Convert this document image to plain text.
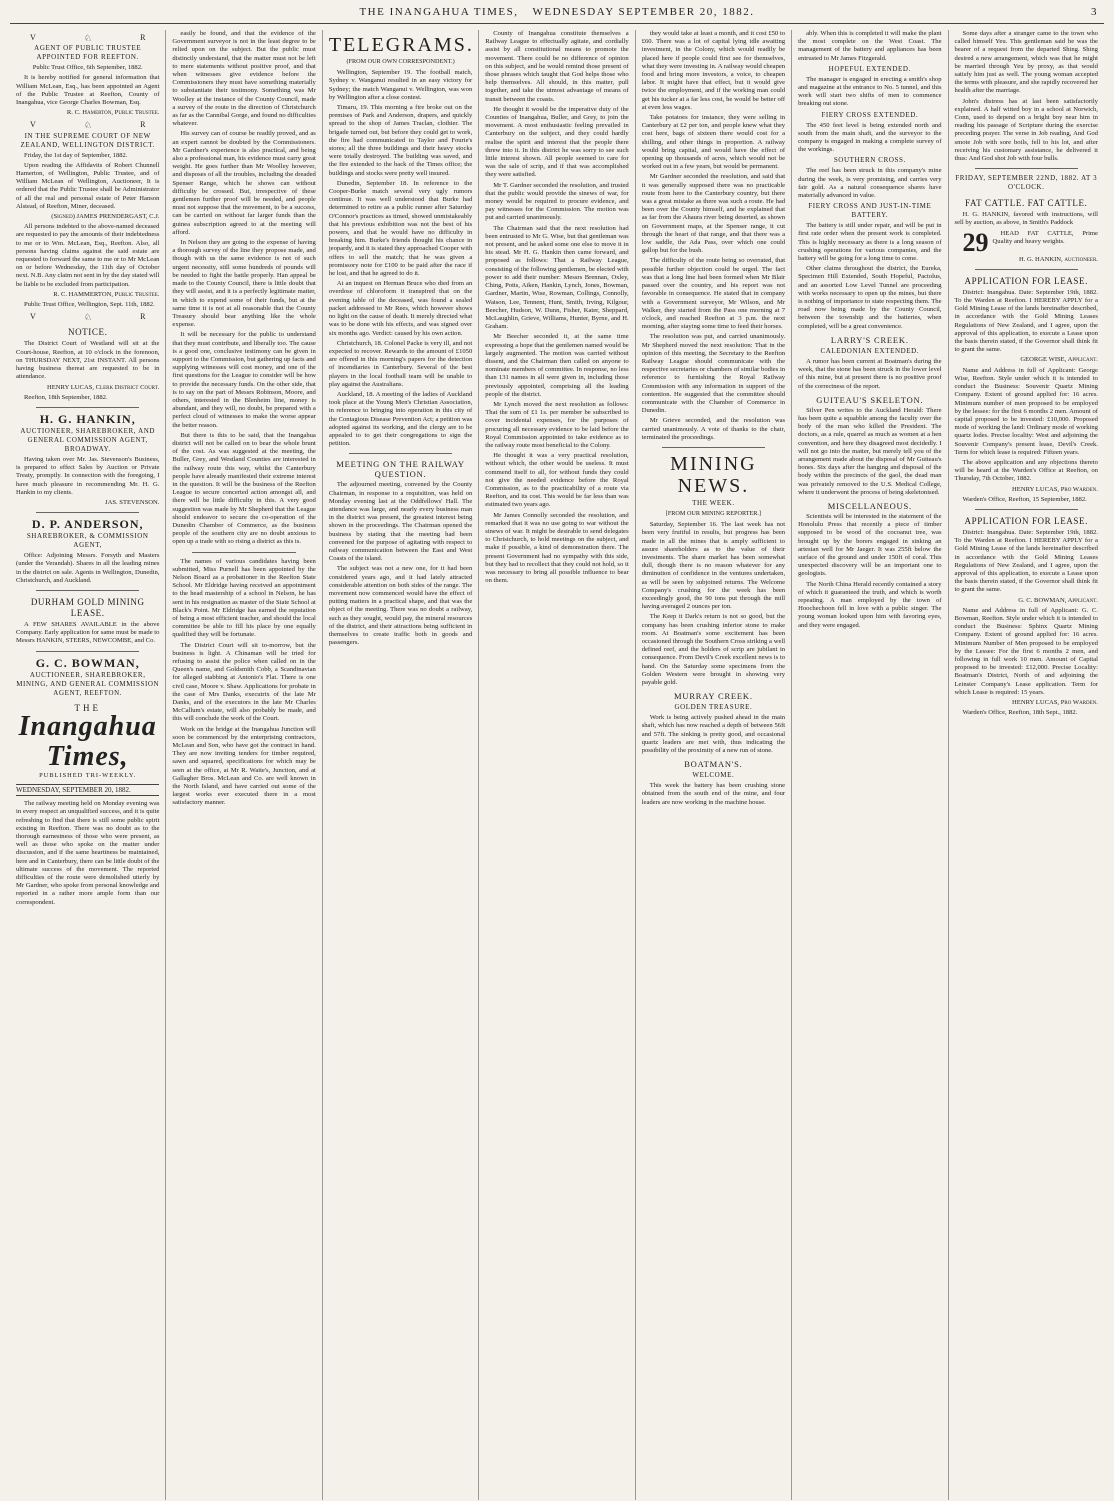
THE INANGAHUA TIMES, WEDNESDAY SEPTEMBER 20, 1882.	3
V	♘	R
AGENT OF PUBLIC TRUSTEE APPOINTED FOR REEFTON.

Public Trust Office, 6th September, 1882.

It is hereby notified for general information that William McLean, Esq., has been appointed an Agent of the Public Trustee at Reefton, County of Inangahua, vice George Charles Bowman, Esq.

R. C. Hamerton, Public Trustee.

V	♘	R
IN THE SUPREME COURT OF NEW ZEALAND, WELLINGTON DISTRICT.

Friday, the 1st day of September, 1882.

Upon reading the Affidavits of Robert Chunnell Hamerton, of Wellington, Public Trustee, and of William McLean of Wellington, Auctioneer, It is ordered that the Public Trustee shall be Administrator of all the real and personal estate of Peter Hanson Alstead, of Reefton, Miner, deceased.

(Signed) JAMES PRENDERGAST, C.J.

All persons indebted to the above-named deceased are requested to pay the amounts of their indebtedness to me or to Wm. McLean, Esq., Reefton. Also, all persons having claims against the said estate are requested to forward the same to me or to Mr McLean on or before Wednesday, the 11th day of October next. N.B. Any claim not sent in by the day stated will be liable to be excluded from participation.

R. C. HAMMERTON, Public Trustee.

Public Trust Office, Wellington, Sept. 11th, 1882.

V	♘	R
NOTICE.

The District Court of Westland will sit at the Court-house, Reefton, at 10 o'clock in the forenoon, on THURSDAY NEXT, 21st INSTANT. All persons having business thereat are requested to be in attendance.

HENRY LUCAS, Clerk District Court.

Reefton, 18th September, 1882.

H. G. HANKIN,
AUCTIONEER, SHAREBROKER, AND GENERAL COMMISSION AGENT, BROADWAY.

Having taken over Mr. Jas. Stevenson's Business, is prepared to effect Sales by Auction or Private Treaty, promptly. In connection with the foregoing, I have much pleasure in recommending Mr. H. G. Hankin to my clients.

JAS. STEVENSON.

D. P. ANDERSON,
SHAREBROKER, & COMMISSION AGENT,

Office: Adjoining Messrs. Forsyth and Masters (under the Verandah). Shares in all the leading mines in the district on sale. Agents in Wellington, Dunedin, Christchurch, and Auckland.

DURHAM GOLD MINING LEASE.

A FEW SHARES AVAILABLE in the above Company. Early application for same must be made to Messrs HANKIN, STEERS, NEWCOMBE, and Co.

G. C. BOWMAN,
AUCTIONEER, SHAREBROKER, MINING, AND GENERAL COMMISSION AGENT, REEFTON.
THE
Inangahua Times,
PUBLISHED TRI-WEEKLY.
WEDNESDAY, SEPTEMBER 20, 1882.

The railway meeting held on Monday evening was in every respect an unqualified success, and it is quite refreshing to find that there is still some public spirit existing in Reefton. There was no doubt as to the thorough earnestness of those who were present, as well as those who spoke on the matter under discussion, and if the same heartiness be maintained, here and in Canterbury, there can be little doubt of the ultimate success of the movement. The reported difficulties of the route were demolished utterly by Mr Gardner, who spoke from personal knowledge and reported in a rather more ample form than our correspondent.

easily be found, and that the evidence of the Government surveyor is not in the least degree to be relied upon on the subject. But the public must distinctly understand, that the matter must not be left to mere statements without positive proof, and that when witnesses give evidence before the Commissioners they must have something materially to substantiate their testimony. Something was Mr Woolley at the instance of the County Council, made a survey of the route in the direction of Christchurch as far as the Cannibal Gorge, and found no difficulties whatever.

His survey can of course be readily proved, and as an expert cannot be doubted by the Commissioners. Mr Gardner's experience is also practical, and being also a professional man, his evidence must carry great weight. He goes further than Mr Woolley however, and disposes of all the troubles, including the dreaded Spenser Range, which he shows can without difficulty be crossed. But, irrespective of these gentlemen further proof will be needed, and people must not suppose that the movement, to be a success, can be carried on without far larger funds than the guinea subscription agreed to at the meeting will afford.

In Nelson they are going to the expense of having a thorough survey of the line they propose made, and though with us the same evidence is not of such urgent necessity, still some hundreds of pounds will be needed to fight the battle properly. Han appeal be made to the County Council, there is little doubt that they will assist, and it is a perfectly legitimate matter, in which to expend some of their funds, but at the same time it is not at all reasonable that the County Treasury should bear anything like the whole expense.

It will be necessary for the public to understand that they must contribute, and liberally too. The cause is a good one, conclusive testimony can be given in support to the Commission, but gathering up facts and supplying witnesses will cost money, and one of the first questions for the League to consider will be how to provide the necessary funds. On the other side, that is to say on the part of Messrs Robinson, Moore, and others, interested in the Blenheim line, money is abundant, and they will, no doubt, be prepared with a perfect cloud of witnesses to make the worse appear the better reason.

But there is this to be said, that the Inangahua district will not be called on to bear the whole brunt of the cost. As was suggested at the meeting, the Buller, Grey, and Westland Counties are interested in the railway route this way, whilst the Canterbury people have already manifested their extreme interest in the question. It will be the business of the Reefton League to secure concerted action amongst all, and there will be little difficulty in this. A very good suggestion was made by Mr Shepherd that the League should endeavor to secure the co-operation of the Dunedin Chamber of Commerce, as the business people of the southern city are no doubt anxious to open up a trade with so rising a district as this is.

The names of various candidates having been submitted, Miss Purnell has been appointed by the Nelson Board as a probationer in the Reefton State School. Mr Eldridge having received an appointment to the head mastership of a school in Nelson, he has sent in his resignation as master of the State School at Black's Point. Mr Eldridge has earned the reputation of being a most efficient teacher, and should the local committee be able to fill his place by one equally qualified they will be fortunate.

The District Court will sit to-morrow, but the business is light. A Chinaman will be tried for refusing to assist the police when called on in the Queen's name, and Goldsmith Cobb, a Scandinavian for alleged stabbing at Antonio's Flat. There is one civil case, Moore v. Shaw. Applications for probate in the case of Mrs Danks, executrix of the late Mr Danks, and of the executors in the late Mr Charles McCallum's estate, will also probably be made, and this will conclude the work of the Court.

Work on the bridge at the Inangahua Junction will soon be commenced by the enterprising contractors, McLean and Son, who have got the contract in hand. They are now inviting tenders for timber required, sawn and squared, specifications for which may be seen at the office, at Mr R. Waite's, Junction, and at Gallagher Bros. McLean and Co. are well known in the North Island, and have carried out some of the largest works ever executed there in a most satisfactory manner.

TELEGRAMS.
(FROM OUR OWN CORRESPONDENT.)

Wellington, September 19. The football match, Sydney v. Wanganui resulted in an easy victory for Sydney; the match Wanganui v. Wellington, was won by Wellington after a close contest.

Timaru, 19. This morning a fire broke out on the premises of Park and Anderson, drapers, and quickly spread to the shop of James Traclan, clothier. The brigade turned out, but before they could get to work, the fire had communicated to Taylor and Fourie's stores; all the three buildings and their heavy stocks were totally destroyed. The building was saved, and the fire extended to the back of the Times office; the buildings and stocks were pretty well insured.

Dunedin, September 18. In reference to the Cooper-Burke match several very ugly rumors continue. It was well understood that Burke had determined to retire as a public runner after Saturday O'Connor's practices as timed, showed unmistakeably that his previous exhibition was not the best of his powers, and that he would have no difficulty in breaking him. Burke's friends thought his chance in jeopardy, and it is stated they approached Cooper with offers to sell the match; that he was given a promissory note for £100 to be paid after the race if he lost, and that he agreed to do it.

At an inquest on Herman Bruce who died from an overdose of chloroform it transpired that on the evening table of the deceased, was found a sealed packet addressed to Mr Rees, which however shows no light on the cause of death. It merely directed what was to be done with his effects, and was signed over six months ago. Verdict: caused by his own action.

Christchurch, 18. Colonel Packe is very ill, and not expected to recover. Rewards to the amount of £1050 are offered in this morning's papers for the detection of incendiaries in Canterbury. Several of the best players in the local football team will be unable to play against the Australians.

Auckland, 18. A meeting of the ladies of Auckland took place at the Young Men's Christian Association, in reference to bringing into operation in this city of the Contagious Disease Prevention Act; a petition was adopted against its working, and the clergy are to be appealed to to get their congregations to sign the petition.

MEETING ON THE RAILWAY QUESTION.

The adjourned meeting, convened by the County Chairman, in response to a requisition, was held on Monday evening last at the Oddfellows' Hall. The attendance was large, and nearly every business man in the district was present, the greatest interest being shown in the proceedings. The Chairman opened the business by stating that the meeting had been convened for the purpose of agitating with respect to railway communication between the East and West Coasts of the island.

The subject was not a new one, for it had been considered years ago, and it had lately attracted considerable attention on both sides of the range. The movement now commenced would have the effect of putting matters in a practical shape, and that was the object of the meeting. There was no doubt a railway, such as they sought, would pay, the mineral resources of the district, and their attractions being sufficient in themselves to create traffic both in goods and passengers.

County of Inangahua constitute themselves a Railway League to effectually agitate, and cordially assist by all constitutional means to promote the movement. There could be no difference of opinion on this subject, and he would remind those present of those phrases which taught that God helps those who help themselves. All should, in this matter, pull together, and take the utmost advantage of means of transit between the coasts.

He thought it would be the imperative duty of the Counties of Inangahua, Buller, and Grey, to join the movement. A most enthusiastic feeling prevailed in Canterbury on the subject, and they could hardly realise the spirit and interest that the people there threw into it. In this district he was sorry to see such little interest shown. All people seemed to care for was the sale of scrip, and if that was accomplished they were satisfied.

Mr T. Gardner seconded the resolution, and trusted that the public would provide the sinews of war, for money would be required to procure evidence, and pay witnesses for the Commission. The motion was put and carried unanimously.

The Chairman said that the next resolution had been entrusted to Mr G. Wise, but that gentleman was not present, and he asked some one else to move it in his stead. Mr H. G. Hankin then came forward, and proposed as follows: That a Railway League, consisting of the following gentlemen, be elected with power to add their number: Messrs Brennan, Oxley, Ching, Potts, Aiken, Hankin, Lynch, Jones, Bowman, Gardner, Martin, Wise, Rowman, Collings, Connolly, Watson, Lee, Tennent, Hunt, Smith, Irving, Kilgour, Beecher, Hudson, W. Dunn, Fisher, Kater, Sheppard, McLaughlin, Grieve, Williams, Hunter, Byrne, and H. Graham.

Mr Beecher seconded it, at the same time expressing a hope that the gentlemen named would be largely augmented. The motion was carried without dissent, and the Chairman then called on anyone to nominate members of committee. In response, no less than 131 names in all were given in, including those previously appointed, comprising all the leading people of the district.

Mr Lynch moved the next resolution as follows: That the sum of £1 1s. per member be subscribed to cover incidental expenses, for the purposes of procuring all necessary evidence to be laid before the Royal Commission appointed to take evidence as to the railway route most beneficial to the Colony.

He thought it was a very practical resolution, without which, the other would be useless. It must commend itself to all, for without funds they could not give the needed evidence before the Royal Commission, as to the practicability of a route via Reefton, and its cost. This would be far less than was estimated two years ago.

Mr James Connolly seconded the resolution, and remarked that it was no use going to war without the sinews of war. It might be desirable to send delegates to Christchurch, to hold meetings on the subject, and make if possible, a kind of demonstration there. The present Government had no sympathy with this side, but they had to recollect that they could not hold, so it was necessary to bring all possible influence to bear on them.

they would take at least a month, and it cost £50 to £60. There was a lot of capital lying idle awaiting investment, in the Colony, which would readily be placed here if people could first see for themselves, what they were investing in. A railway would cheapen food and bring more investors, a voice, to cheapen labor. It might have that effect, but it would give twice the employment, and if the working man could get his tucker at a far less cost, he would be better off at even less wages.

Take potatoes for instance, they were selling in Canterbury at £2 per ton, and people knew what they cost here, bags of sixteen there would cost for a shilling, and other things in proportion. A railway would bring capital, and would have the effect of opening up thousands of acres, which would not be worked out in a few years, but would be permanent.

Mr Gardner seconded the resolution, and said that it was generally supposed there was no practicable route from here to the Canterbury country, but there was a great mistake as there was such a route. He had been over the County himself, and he explained that as far from the Ahaura river being deserted, as shown on Government maps, at the Spenser range, it cut through the heart of that range, and that there was a low saddle, the Ada Pass, over which one could gallop but for the bush.

The difficulty of the route being so overrated, that possible further objection could be urged. The fact was that a long line had been formed when Mr Blair passed over the country, and his report was not favorable in consequence. He stated that in company with a Government surveyor, Mr Wilson, and Mr Walker, they started from the Pass one morning at 7 o'clock, and reached Reefton at 3 p.m. the next morning, after staying some time to feed their horses.

The resolution was put, and carried unanimously. Mr Shepherd moved the next resolution: That in the opinion of this meeting, the Secretary to the Reefton Railway League should communicate with the respective secretaries or chambers of similar bodies in reference to furnishing the Royal Railway Commission with any information in support of the contention. He suggested that the committee should communicate with the Chamber of Commerce in Dunedin.

Mr Grieve seconded, and the resolution was carried unanimously. A vote of thanks to the chair, terminated the proceedings.

MINING NEWS.
THE WEEK.
[FROM OUR MINING REPORTER.]

Saturday, September 16. The last week has not been very fruitful in results, but progress has been made in all the mines that is amply sufficient to assure shareholders as to the value of their investments. The share market has been somewhat dull, though there is no reason whatever for any diminution of confidence in the ventures undertaken, as will be seen by subjoined returns. The Welcome Company's crushing for the week has been exceedingly good, the 90 tons put through the mill having averaged 2 ounces per ton.

The Keep it Dark's return is not so good, but the company has been crushing inferior stone to make room. At Boatman's some excitement has been occasioned through the Southern Cross striking a well defined reef, and the holders of scrip are jubilant in consequence. From Devil's Creek excellent news is to hand. On the Saturday some specimens from the Golden Western were brought in showing very payable gold.

MURRAY CREEK.
GOLDEN TREASURE.

Work is being actively pushed ahead in the main shaft, which has now reached a depth of between 56ft and 57ft. The sinking is pretty good, and occasional quartz leaders are met with, thus indicating the possibility of the proximity of a new run of stone.

BOATMAN'S.
WELCOME.

This week the battery has been crushing stone obtained from the south end of the mine, and four leaders are now working in the machine house.

ably. When this is completed it will make the plant the most complete on the West Coast. The management of the battery and appliances has been entrusted to Mr James Fitzgerald.

HOPEFUL EXTENDED.

The manager is engaged in erecting a smith's shop and magazine at the entrance to No. 5 tunnel, and this work will start two shifts of men to commence breaking out stone.

FIERY CROSS EXTENDED.

The 450 feet level is being extended north and south from the main shaft, and the surveyor to the company is engaged in making a complete survey of the workings.

SOUTHERN CROSS.

The reef has been struck in this company's mine during the week, is very promising, and carries very fair gold. As a natural consequence shares have materially advanced in value.

FIERY CROSS AND JUST-IN-TIME BATTERY.

The battery is still under repair, and will be put in first rate order when the present work is completed. This is highly necessary as there is a long season of crushing operations for various companies, and the battery will be going for a long time to come.

Other claims throughout the district, the Eureka, Specimen Hill Extended, South Hopeful, Pactolus, and an assorted Low Level Tunnel are proceeding with works necessary to open up the mines, but there is nothing of importance to state respecting them. The road now being made by the County Council, between the township and the batteries, when completed, will be a great convenience.

LARRY'S CREEK.
CALEDONIAN EXTENDED.

A rumor has been current at Boatman's during the week, that the stone has been struck in the lower level of this mine, but at present there is no positive proof of the correctness of the report.

GUITEAU'S SKELETON.

Silver Pen writes to the Auckland Herald: There has been quite a squabble among the faculty over the body of the man who killed the President. The doctors, as a rule, quarrel as much as women at a hen convention, and here they disagreed most decidedly. I will not go into the matter, but merely tell you of the arrangement made about the disposal of Mr Guiteau's bones. Six days after the hanging and disposal of the body within the precincts of the gaol, the dead man was privately removed to the U.S. Medical College, where it underwent the process of being skeletonised.

MISCELLANEOUS.

Scientists will be interested in the statement of the Honolulu Press that recently a piece of timber supposed to be wood of the cocoanut tree, was brought up by the borers engaged in sinking an artesian well for Mr Jaeger. It was 255ft below the surface of the ground and under 150ft of coral. This unexpected discovery will be an important one to geologists.

The North China Herald recently contained a story of which it guaranteed the truth, and which is worth repeating. A man employed by the town of Hoochechoon fell in love with a public singer. The young woman looked upon him with favoring eyes, and they were engaged.

Some days after a stranger came to the town who called himself Yeu. This gentleman said he was the bearer of a request from the departed Shing. Shing desired a new arrangement, which was that he might be married through Yeu by proxy, as that would satisfy him just as well. The young woman accepted the terms with pleasure, and she rapidly recovered her health after the marriage.

John's distress has at last been satisfactorily explained. A half witted boy in a school at Norwich, Conn, used to depend on a bright boy near him in reading his passage of Scripture during the exercise preceding prayer. The verse in Job reading, And God smote Job with sore boils, fell to his lot, and after receiving his customary assistance, he delivered it thus: And God shot Job with four bulls.

FRIDAY, SEPTEMBER 22ND, 1882. AT 3 O'CLOCK.
FAT CATTLE. FAT CATTLE.

H. G. HANKIN, favored with instructions, will sell by auction, as above, in Smith's Paddock

29 HEAD FAT CATTLE, Prime Quality and heavy weights.

H. G. HANKIN, auctioneer.

APPLICATION FOR LEASE.

District: Inangahua. Date: September 19th, 1882. To the Warden at Reefton. I HEREBY APPLY for a Gold Mining Lease of the lands hereinafter described, in accordance with the Gold Mining Leases Regulations of New Zealand, and I agree, upon the approval of this application, to execute a Lease upon the basis therein stated, if the Governor shall think fit to grant the same.

GEORGE WISE, Applicant.

Name and Address in full of Applicant: George Wise, Reefton. Style under which it is intended to conduct the Business: Souvenir Quartz Mining Company. Extent of ground applied for: 16 acres. Minimum number of men proposed to be employed by the lessee: for the first 6 months 2 men. Amount of capital proposed to be invested: £10,000. Proposed mode of working the land: Ordinary mode of working quartz lodes. Precise locality: West and adjoining the Souvenir Company's present lease, Devil's Creek. Term for which lease is required: Fifteen years.

The above application and any objections thereto will be heard at the Warden's Office at Reefton, on Thursday, 7th October, 1882.

HENRY LUCAS, Pro Warden.

Warden's Office, Reefton, 15 September, 1882.

APPLICATION FOR LEASE.

District: Inangahua. Date: September 19th, 1882. To the Warden at Reefton. I HEREBY APPLY for a Gold Mining Lease of the lands hereinafter described in accordance with the Gold Mining Leases Regulations of New Zealand, and I agree, upon the approval of this application, to execute a Lease upon the basis therein stated, if the Governor shall think fit to grant the same.

G. C. BOWMAN, Applicant.

Name and Address in full of Applicant: G. C. Bowman, Reefton. Style under which it is intended to conduct the Business: Sphinx Quartz Mining Company. Extent of ground applied for: 16 acres. Minimum Number of Men proposed to be employed by the Lessee: For the first 6 months 2 men, and following in full work 10 men. Amount of Capital proposed to be invested: £12,000. Precise Locality: Boatman's District, North of and adjoining the Leinster Company's Lease application. Term for which Lease is required: 15 years.

HENRY LUCAS, Pro Warden.

Warden's Office, Reefton, 18th Sept., 1882.
